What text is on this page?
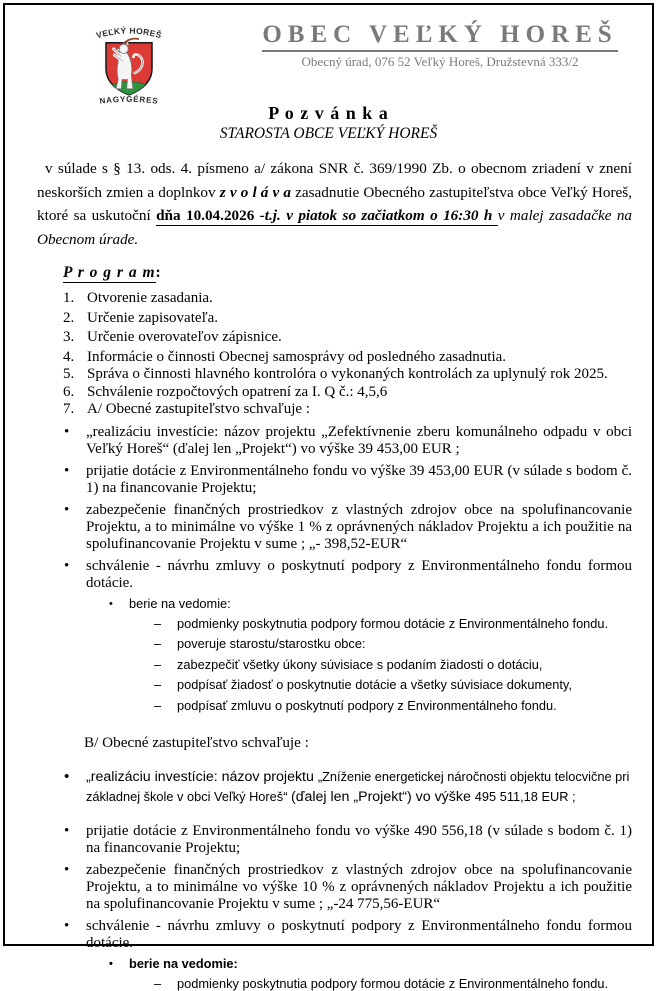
VEĽKÝ HOREŠ
NAGYGÉRES
OBEC VEĽKÝ HOREŠ
Obecný úrad, 076 52 Veľký Horeš, Družstevná 333/2
P o z v á n k a
STAROSTA OBCE VEĽKÝ HOREŠ

v súlade s § 13. ods. 4. písmeno a/ zákona SNR č. 369/1990 Zb. o obecnom zriadení v znení neskorších zmien a doplnkov z v o l á v a zasadnutie Obecného zastupiteľstva obce Veľký Horeš, ktoré sa uskutoční dňa 10.04.2026 -t.j. v piatok so začiatkom o 16:30 h v malej zasadačke na Obecnom úrade.

P r o g r a m:
1. Otvorenie zasadania.
2. Určenie zapisovateľa.
3. Určenie overovateľov zápisnice.
4. Informácie o činnosti Obecnej samosprávy od posledného zasadnutia.
5. Správa o činnosti hlavného kontrolóra o vykonaných kontrolách za uplynulý rok 2025.
6. Schválenie rozpočtových opatrení za I. Q č.: 4,5,6
7. A/ Obecné zastupiteľstvo schvaľuje :
•	„realizáciu investície: názov projektu „Zefektívnenie zberu komunálneho odpadu v obci Veľký Horeš“ (ďalej len „Projekt“) vo výške 39 453,00 EUR ;
•	prijatie dotácie z Environmentálneho fondu vo výške 39 453,00 EUR (v súlade s bodom č. 1) na financovanie Projektu;
•	zabezpečenie finančných prostriedkov z vlastných zdrojov obce na spolufinancovanie Projektu, a to minimálne vo výške 1 % z oprávnených nákladov Projektu a ich použitie na spolufinancovanie Projektu v sume ; „- 398,52-EUR“
•	schválenie - návrhu zmluvy o poskytnutí podpory z Environmentálneho fondu formou dotácie.
•	berie na vedomie:
–	podmienky poskytnutia podpory formou dotácie z Environmentálneho fondu.
–	poveruje starostu/starostku obce:
–	zabezpečiť všetky úkony súvisiace s podaním žiadosti o dotáciu,
–	podpísať žiadosť o poskytnutie dotácie a všetky súvisiace dokumenty,
–	podpísať zmluvu o poskytnutí podpory z Environmentálneho fondu.
B/ Obecné zastupiteľstvo schvaľuje :
•	„realizáciu investície: názov projektu „Zníženie energetickej náročnosti objektu telocvične pri základnej škole v obci Veľký Horeš“ (ďalej len „Projekt“) vo výške 495 511,18 EUR ;
•	prijatie dotácie z Environmentálneho fondu vo výške 490 556,18 (v súlade s bodom č. 1) na financovanie Projektu;
•	zabezpečenie finančných prostriedkov z vlastných zdrojov obce na spolufinancovanie Projektu, a to minimálne vo výške 10 % z oprávnených nákladov Projektu a ich použitie na spolufinancovanie Projektu v sume ; „-24 775,56-EUR“
•	schválenie - návrhu zmluvy o poskytnutí podpory z Environmentálneho fondu formou dotácie.
•	berie na vedomie:
–	podmienky poskytnutia podpory formou dotácie z Environmentálneho fondu.
